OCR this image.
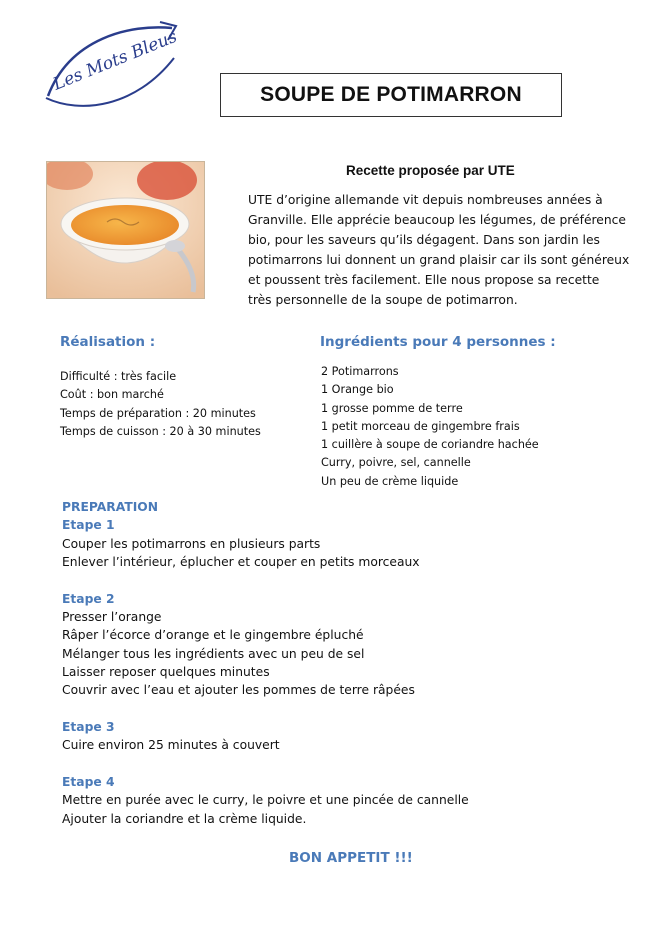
Les Mots Bleus	SOUPE DE POTIMARRON
Recette proposée par UTE
UTE d’origine allemande vit depuis nombreuses années à
Granville. Elle apprécie beaucoup les légumes, de préférence
bio, pour les saveurs qu’ils dégagent. Dans son jardin les
potimarrons lui donnent un grand plaisir car ils sont généreux
et poussent très facilement. Elle nous propose sa recette
très personnelle de la soupe de potimarron.
Réalisation :
Difficulté : très facile
Coût : bon marché
Temps de préparation : 20 minutes
Temps de cuisson : 20 à 30 minutes
Ingrédients pour 4 personnes :
2 Potimarrons
1 Orange bio
1 grosse pomme de terre
1 petit morceau de gingembre frais
1 cuillère à soupe de coriandre hachée
Curry, poivre, sel, cannelle
Un peu de crème liquide
PREPARATION
Etape 1
Couper les potimarrons en plusieurs parts
Enlever l’intérieur, éplucher et couper en petits morceaux
Etape 2
Presser l’orange
Râper l’écorce d’orange et le gingembre épluché
Mélanger tous les ingrédients avec un peu de sel
Laisser reposer quelques minutes
Couvrir avec l’eau et ajouter les pommes de terre râpées
Etape 3
Cuire environ 25 minutes à couvert
Etape 4
Mettre en purée avec le curry, le poivre et une pincée de cannelle
Ajouter la coriandre et la crème liquide.
BON APPETIT !!!
